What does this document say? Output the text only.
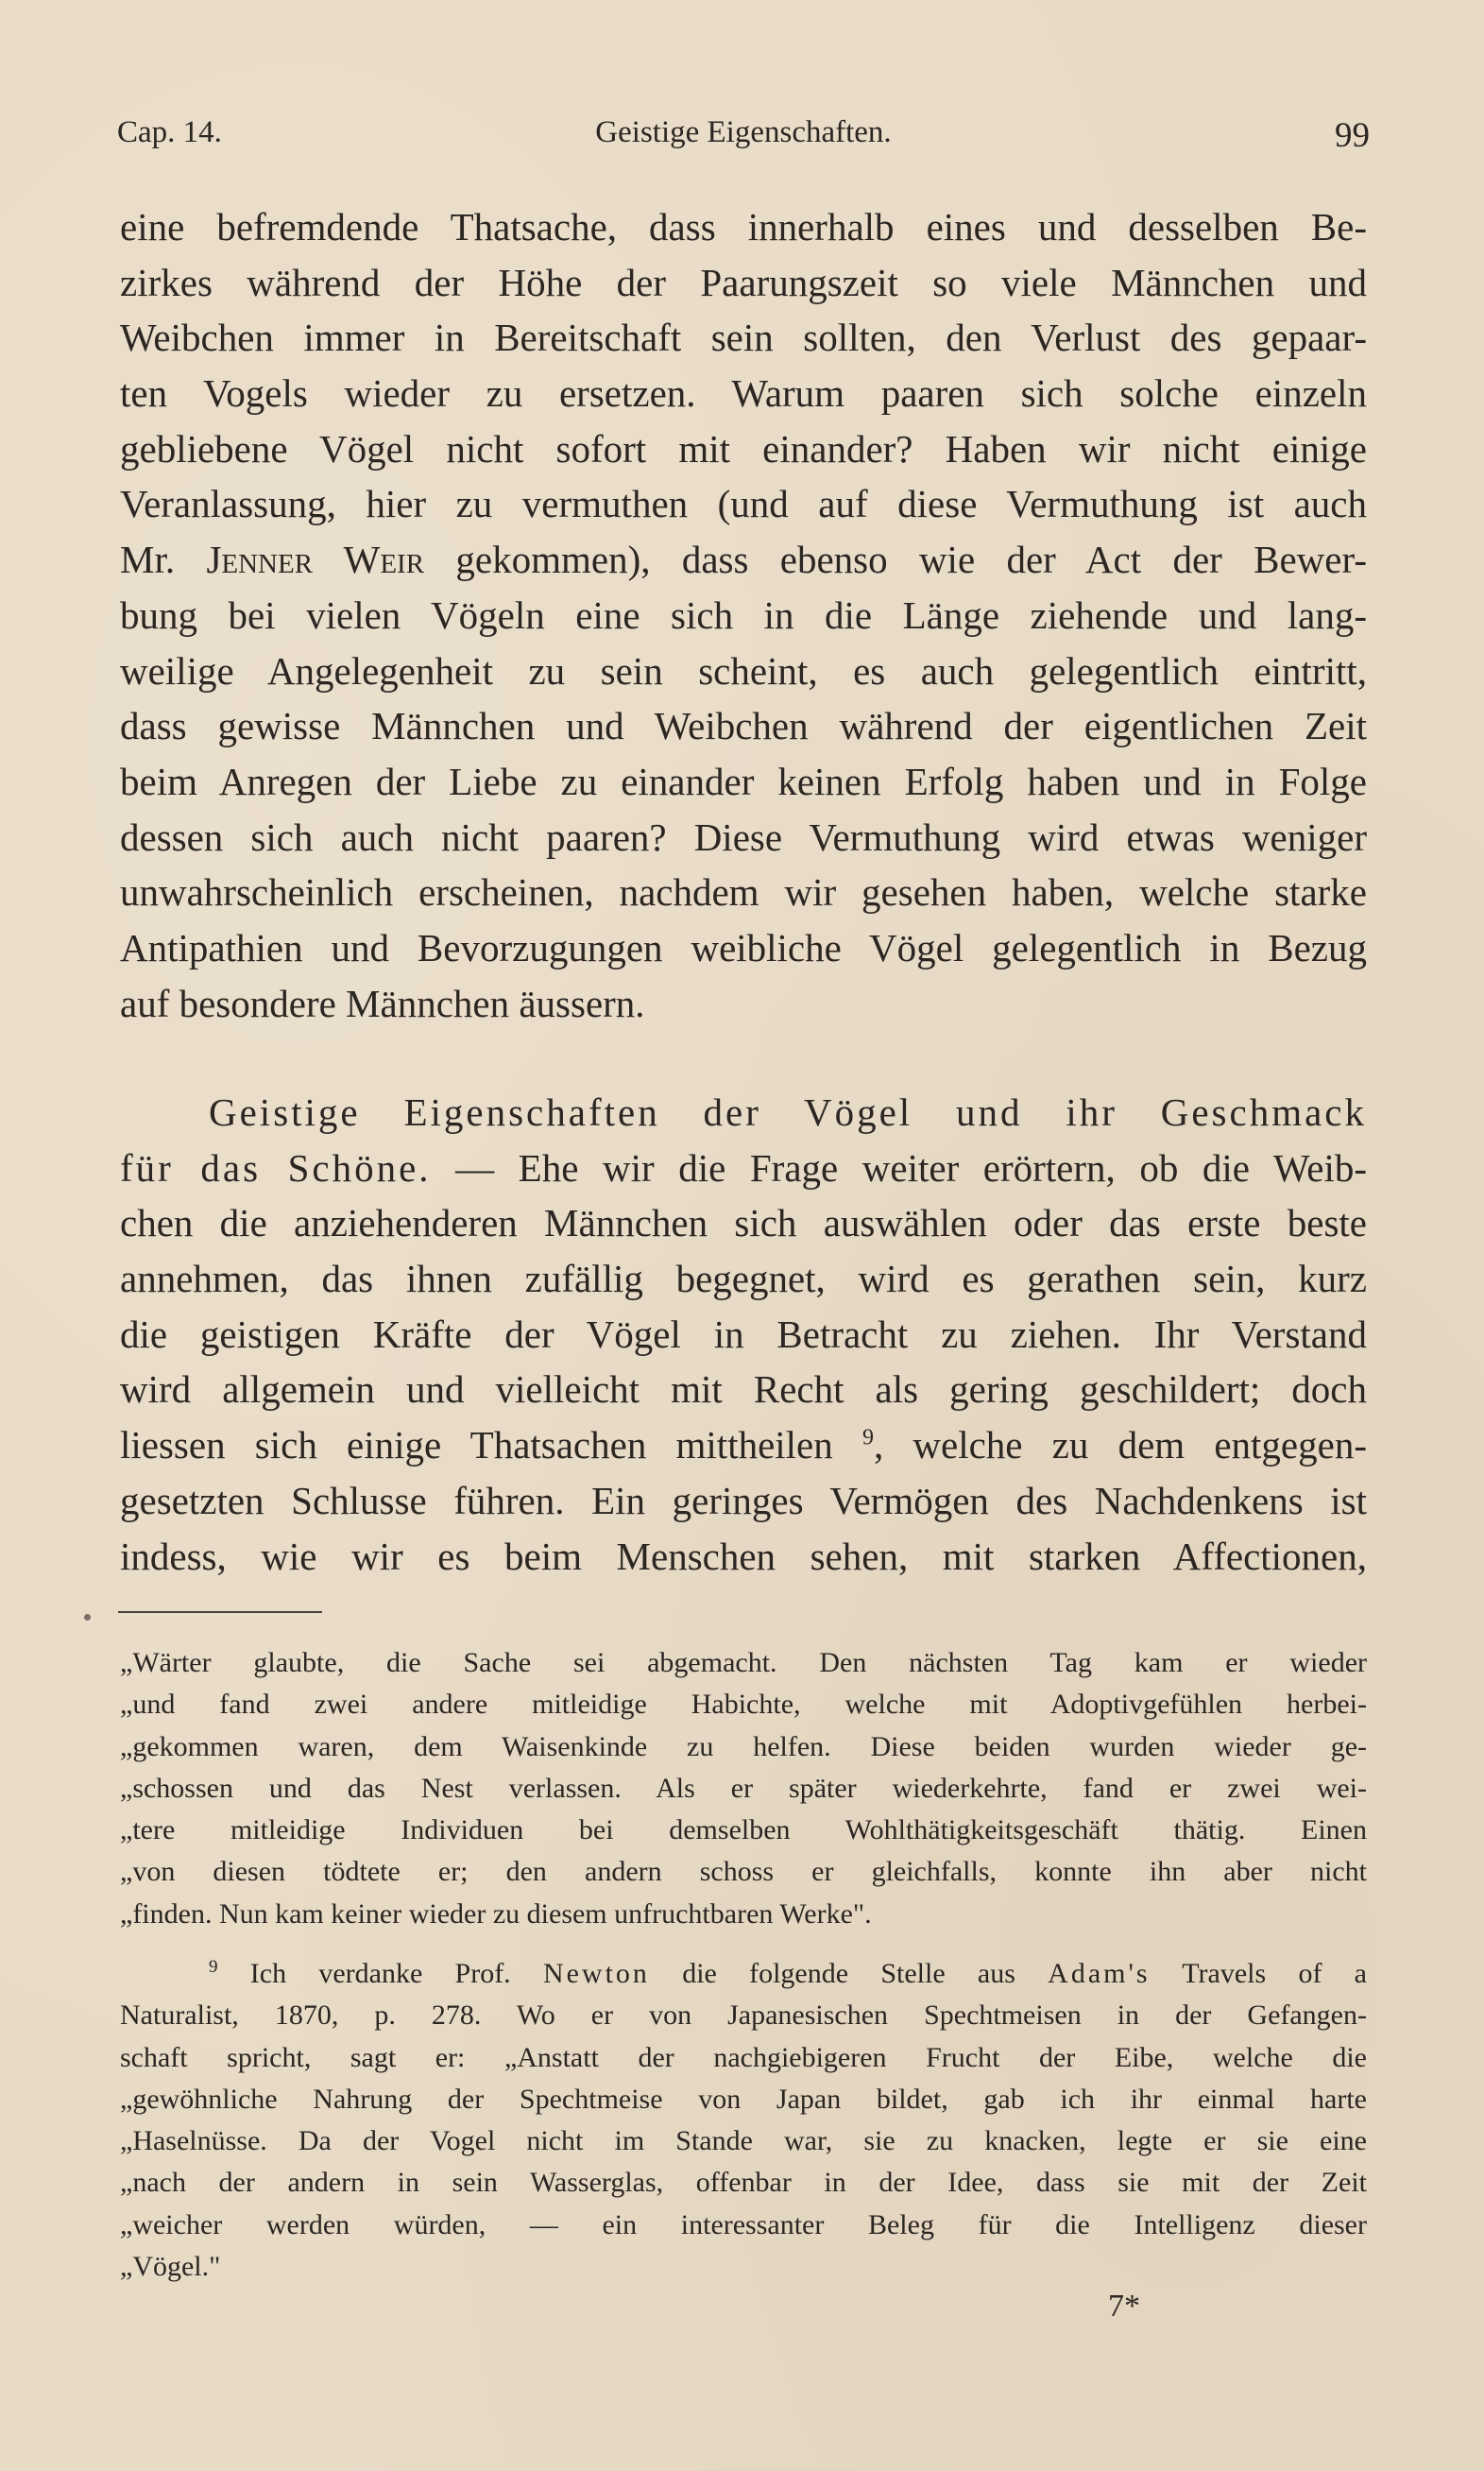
Cap. 14.	Geistige Eigenschaften.	99
eine befremdende Thatsache, dass innerhalb eines und desselben Be-
zirkes während der Höhe der Paarungszeit so viele Männchen und
Weibchen immer in Bereitschaft sein sollten, den Verlust des gepaar-
ten Vogels wieder zu ersetzen. Warum paaren sich solche einzeln
gebliebene Vögel nicht sofort mit einander? Haben wir nicht einige
Veranlassung, hier zu vermuthen (und auf diese Vermuthung ist auch
Mr. Jenner Weir gekommen), dass ebenso wie der Act der Bewer-
bung bei vielen Vögeln eine sich in die Länge ziehende und lang-
weilige Angelegenheit zu sein scheint, es auch gelegentlich eintritt,
dass gewisse Männchen und Weibchen während der eigentlichen Zeit
beim Anregen der Liebe zu einander keinen Erfolg haben und in Folge
dessen sich auch nicht paaren? Diese Vermuthung wird etwas weniger
unwahrscheinlich erscheinen, nachdem wir gesehen haben, welche starke
Antipathien und Bevorzugungen weibliche Vögel gelegentlich in Bezug
auf besondere Männchen äussern.
Geistige Eigenschaften der Vögel und ihr Geschmack
für das Schöne. — Ehe wir die Frage weiter erörtern, ob die Weib-
chen die anziehenderen Männchen sich auswählen oder das erste beste
annehmen, das ihnen zufällig begegnet, wird es gerathen sein, kurz
die geistigen Kräfte der Vögel in Betracht zu ziehen. Ihr Verstand
wird allgemein und vielleicht mit Recht als gering geschildert; doch
liessen sich einige Thatsachen mittheilen $^9$, welche zu dem entgegen-
gesetzten Schlusse führen. Ein geringes Vermögen des Nachdenkens ist
indess, wie wir es beim Menschen sehen, mit starken Affectionen,
„Wärter glaubte, die Sache sei abgemacht. Den nächsten Tag kam er wieder
„und fand zwei andere mitleidige Habichte, welche mit Adoptivgefühlen herbei-
„gekommen waren, dem Waisenkinde zu helfen. Diese beiden wurden wieder ge-
„schossen und das Nest verlassen. Als er später wiederkehrte, fand er zwei wei-
„tere mitleidige Individuen bei demselben Wohlthätigkeitsgeschäft thätig. Einen
„von diesen tödtete er; den andern schoss er gleichfalls, konnte ihn aber nicht
„finden. Nun kam keiner wieder zu diesem unfruchtbaren Werke".
$^9$ Ich verdanke Prof. Newton die folgende Stelle aus Adam's Travels of a
Naturalist, 1870, p. 278. Wo er von Japanesischen Spechtmeisen in der Gefangen-
schaft spricht, sagt er: „Anstatt der nachgiebigeren Frucht der Eibe, welche die
„gewöhnliche Nahrung der Spechtmeise von Japan bildet, gab ich ihr einmal harte
„Haselnüsse. Da der Vogel nicht im Stande war, sie zu knacken, legte er sie eine
„nach der andern in sein Wasserglas, offenbar in der Idee, dass sie mit der Zeit
„weicher werden würden, — ein interessanter Beleg für die Intelligenz dieser
„Vögel."
7*
